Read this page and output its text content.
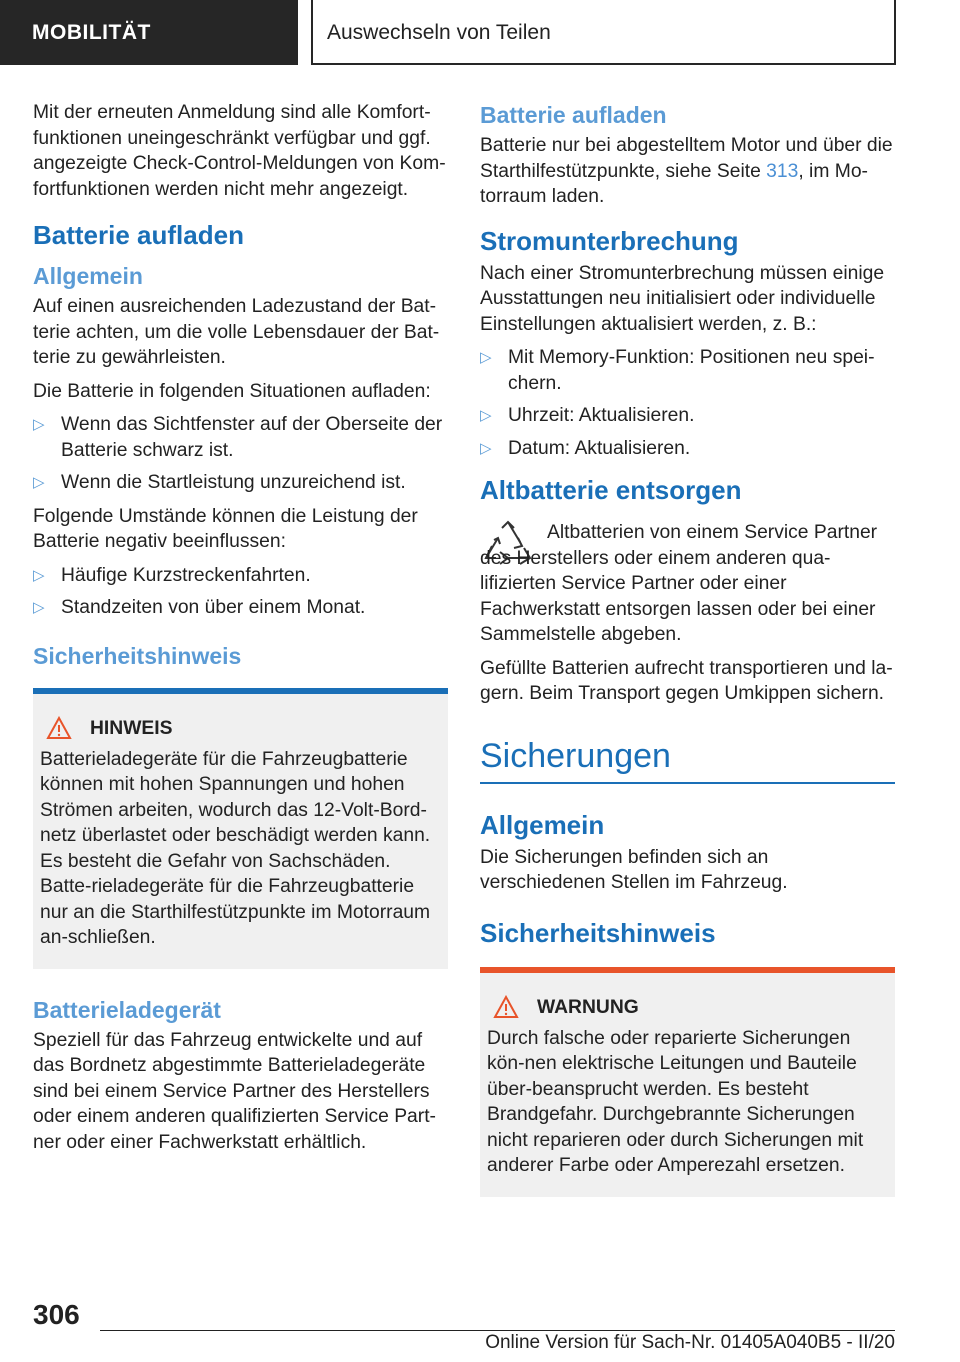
MOBILITÄT	Auswechseln von Teilen

Mit der erneuten Anmeldung sind alle Komfort-funktionen uneingeschränkt verfügbar und ggf. angezeigte Check-Control-Meldungen von Kom-fortfunktionen werden nicht mehr angezeigt.

Batterie aufladen
Allgemein

Auf einen ausreichenden Ladezustand der Bat-terie achten, um die volle Lebensdauer der Bat-terie zu gewährleisten.

Die Batterie in folgenden Situationen aufladen:

▷ Wenn das Sichtfenster auf der Oberseite der Batterie schwarz ist.
▷ Wenn die Startleistung unzureichend ist.

Folgende Umstände können die Leistung der Batterie negativ beeinflussen:

▷ Häufige Kurzstreckenfahrten.
▷ Standzeiten von über einem Monat.
Sicherheitshinweis
HINWEIS

Batterieladegeräte für die Fahrzeugbatterie können mit hohen Spannungen und hohen Strömen arbeiten, wodurch das 12-Volt-Bord-netz überlastet oder beschädigt werden kann. Es besteht die Gefahr von Sachschäden. Batte-rieladegeräte für die Fahrzeugbatterie nur an die Starthilfestützpunkte im Motorraum an-schließen.

Batterieladegerät

Speziell für das Fahrzeug entwickelte und auf das Bordnetz abgestimmte Batterieladegeräte sind bei einem Service Partner des Herstellers oder einem anderen qualifizierten Service Part-ner oder einer Fachwerkstatt erhältlich.

Batterie aufladen

Batterie nur bei abgestelltem Motor und über die Starthilfestützpunkte, siehe Seite 313, im Mo-torraum laden.

Stromunterbrechung

Nach einer Stromunterbrechung müssen einige Ausstattungen neu initialisiert oder individuelle Einstellungen aktualisiert werden, z. B.:

▷ Mit Memory-Funktion: Positionen neu spei-chern.
▷ Uhrzeit: Aktualisieren.
▷ Datum: Aktualisieren.
Altbatterie entsorgen

Altbatterien von einem Service Partner des Herstellers oder einem anderen qua-lifizierten Service Partner oder einer Fachwerkstatt entsorgen lassen oder bei einer Sammelstelle abgeben.

Gefüllte Batterien aufrecht transportieren und la-gern. Beim Transport gegen Umkippen sichern.

Sicherungen
Allgemein

Die Sicherungen befinden sich an verschiedenen Stellen im Fahrzeug.

Sicherheitshinweis
WARNUNG

Durch falsche oder reparierte Sicherungen kön-nen elektrische Leitungen und Bauteile über-beansprucht werden. Es besteht Brandgefahr. Durchgebrannte Sicherungen nicht reparieren oder durch Sicherungen mit anderer Farbe oder Amperezahl ersetzen.

306
Online Version für Sach-Nr. 01405A040B5 - II/20
